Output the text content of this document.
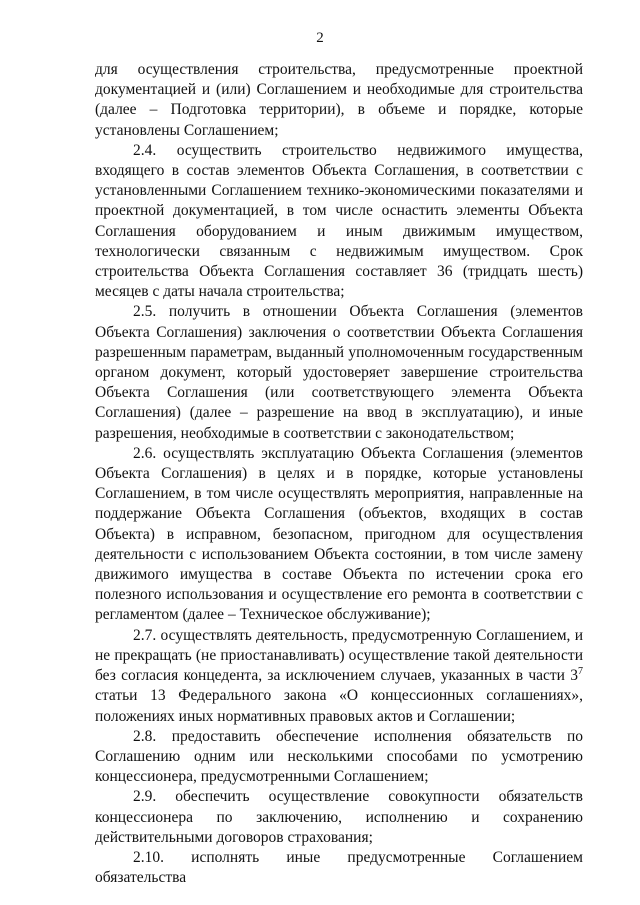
2

для осуществления строительства, предусмотренные проектной документацией и (или) Соглашением и необходимые для строительства (далее – Подготовка территории), в объеме и порядке, которые установлены Соглашением;

2.4. осуществить строительство недвижимого имущества, входящего в состав элементов Объекта Соглашения, в соответствии с установленными Соглашением технико-экономическими показателями и проектной документацией, в том числе оснастить элементы Объекта Соглашения оборудованием и иным движимым имуществом, технологически связанным с недвижимым имуществом. Срок строительства Объекта Соглашения составляет 36 (тридцать шесть) месяцев с даты начала строительства;

2.5. получить в отношении Объекта Соглашения (элементов Объекта Соглашения) заключения о соответствии Объекта Соглашения разрешенным параметрам, выданный уполномоченным государственным органом документ, который удостоверяет завершение строительства Объекта Соглашения (или соответствующего элемента Объекта Соглашения) (далее – разрешение на ввод в эксплуатацию), и иные разрешения, необходимые в соответствии с законодательством;

2.6. осуществлять эксплуатацию Объекта Соглашения (элементов Объекта Соглашения) в целях и в порядке, которые установлены Соглашением, в том числе осуществлять мероприятия, направленные на поддержание Объекта Соглашения (объектов, входящих в состав Объекта) в исправном, безопасном, пригодном для осуществления деятельности с использованием Объекта состоянии, в том числе замену движимого имущества в составе Объекта по истечении срока его полезного использования и осуществление его ремонта в соответствии с регламентом (далее – Техническое обслуживание);

2.7. осуществлять деятельность, предусмотренную Соглашением, и не прекращать (не приостанавливать) осуществление такой деятельности без согласия концедента, за исключением случаев, указанных в части $3^7$ статьи 13 Федерального закона «О концессионных соглашениях», положениях иных нормативных правовых актов и Соглашении;

2.8. предоставить обеспечение исполнения обязательств по Соглашению одним или несколькими способами по усмотрению концессионера, предусмотренными Соглашением;

2.9. обеспечить осуществление совокупности обязательств концессионера по заключению, исполнению и сохранению действительными договоров страхования;

2.10. исполнять иные предусмотренные Соглашением обязательства
